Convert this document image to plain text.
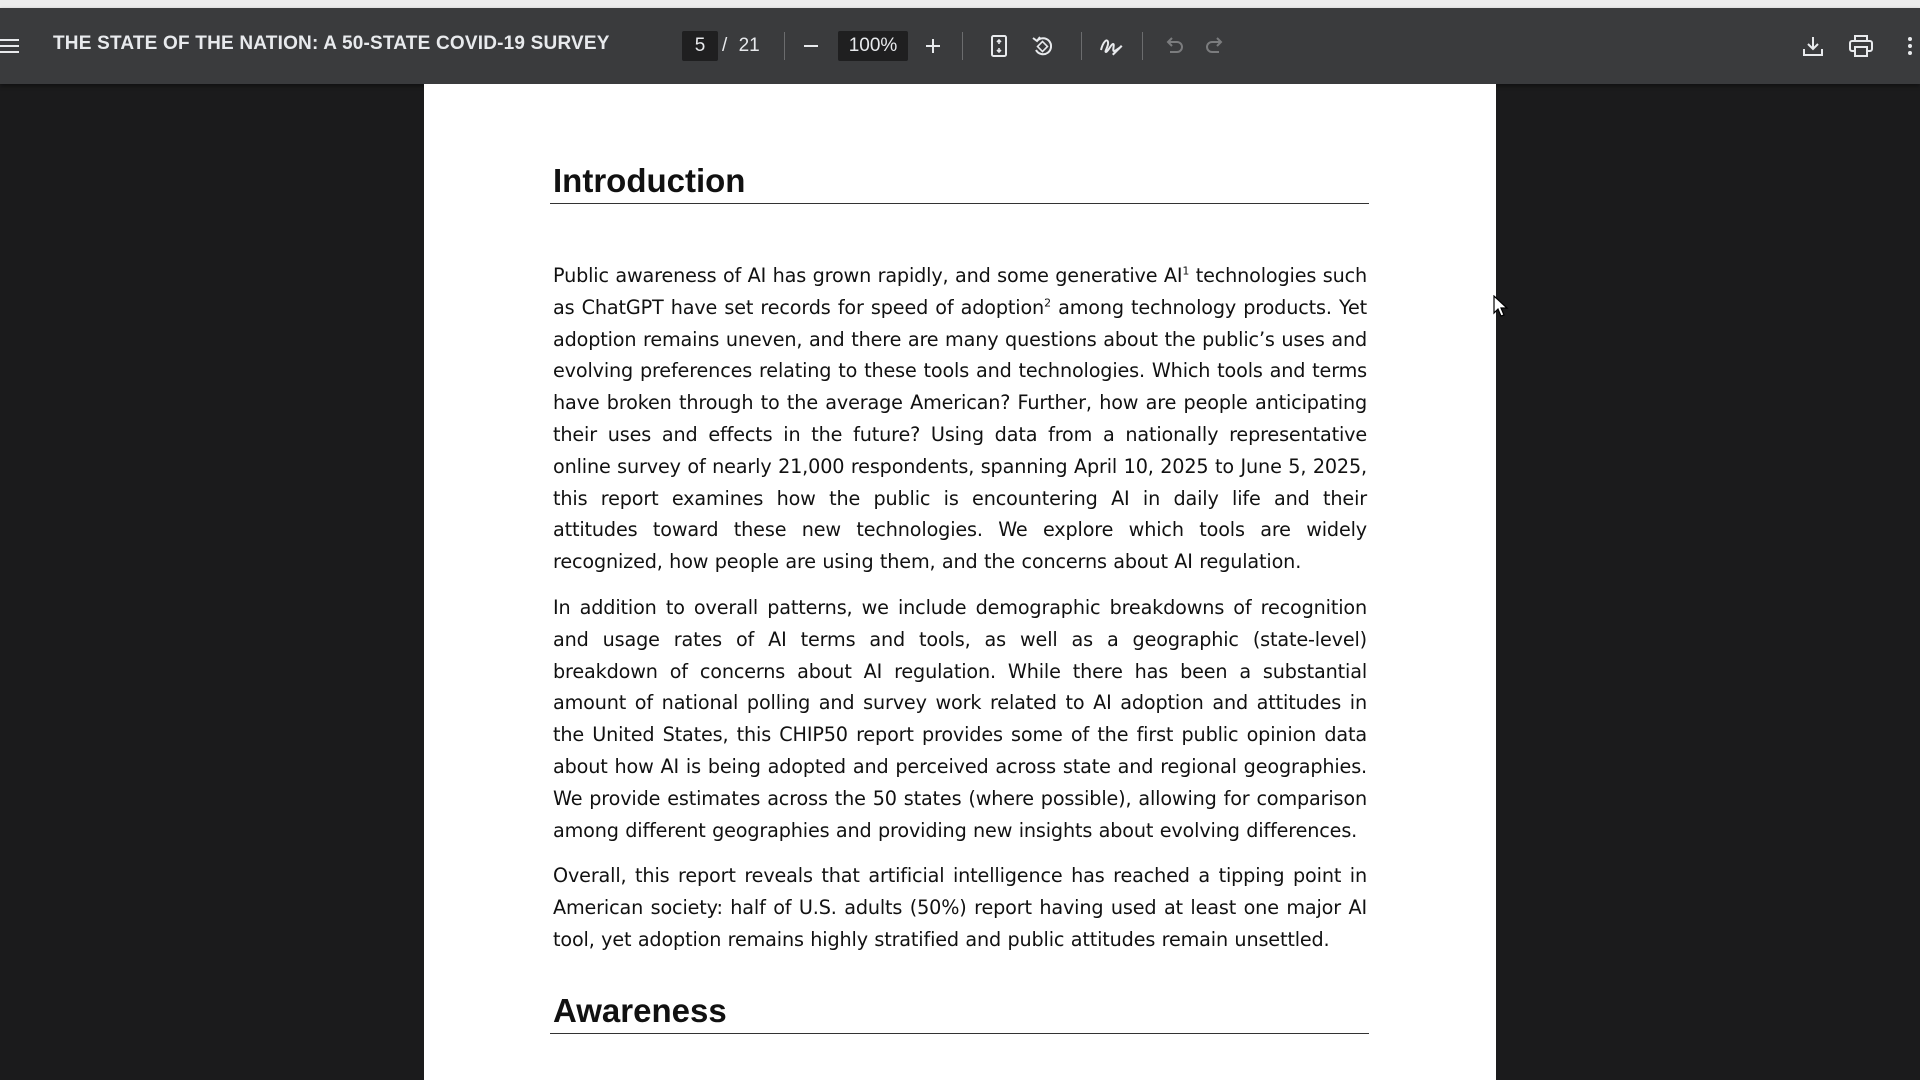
THE STATE OF THE NATION: A 50-STATE COVID-19 SURVEY	5 / 21	100%
Introduction

Public awareness of AI has grown rapidly, and some generative $AI^1$ technologies such as ChatGPT have set records for speed of adoption$^2$ among technology products. Yet adoption remains uneven, and there are many questions about the public’s uses and evolving preferences relating to these tools and technologies. Which tools and terms have broken through to the average American? Further, how are people anticipating their uses and effects in the future? Using data from a nationally representative online survey of nearly 21,000 respondents, spanning April 10, 2025 to June 5, 2025, this report examines how the public is encountering AI in daily life and their attitudes toward these new technologies. We explore which tools are widely recognized, how people are using them, and the concerns about AI regulation.

In addition to overall patterns, we include demographic breakdowns of recognition and usage rates of AI terms and tools, as well as a geographic (state-level) breakdown of concerns about AI regulation. While there has been a substantial amount of national polling and survey work related to AI adoption and attitudes in the United States, this CHIP50 report provides some of the first public opinion data about how AI is being adopted and perceived across state and regional geographies. We provide estimates across the 50 states (where possible), allowing for comparison among different geographies and providing new insights about evolving differences.

Overall, this report reveals that artificial intelligence has reached a tipping point in American society: half of U.S. adults (50%) report having used at least one major AI tool, yet adoption remains highly stratified and public attitudes remain unsettled.

Awareness
